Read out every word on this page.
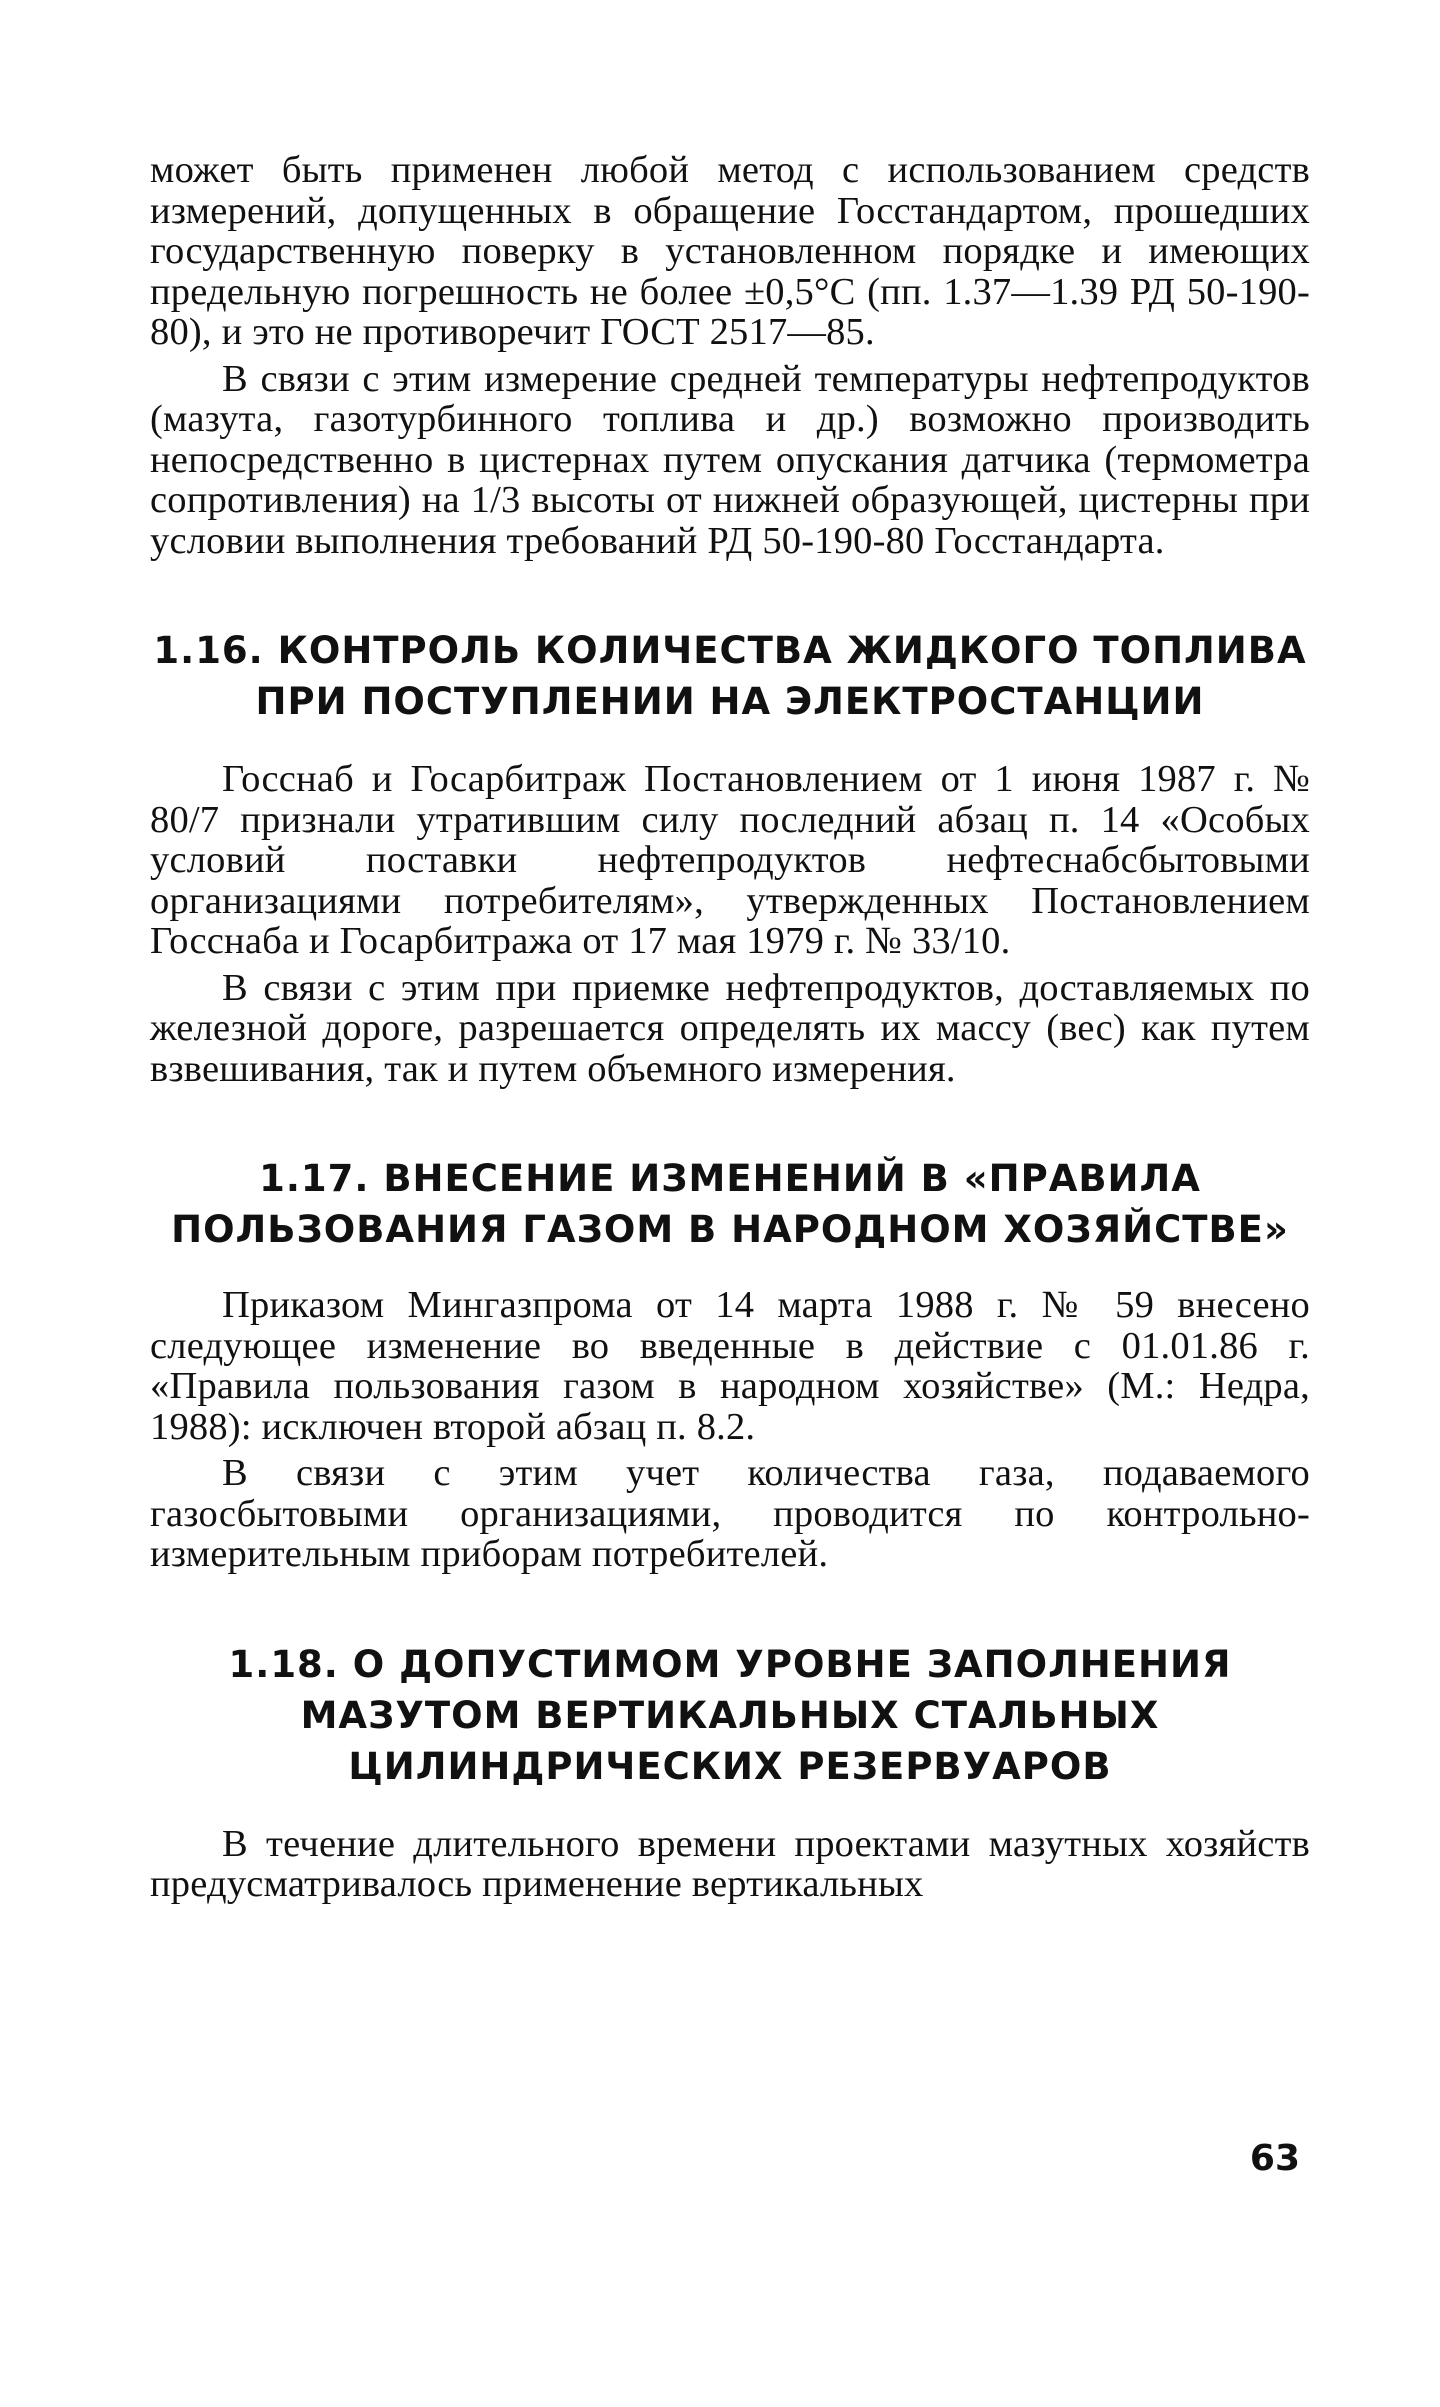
может быть применен любой метод с использованием средств измерений, допущенных в обращение Госстандартом, прошедших государственную поверку в установленном порядке и имеющих предельную погрешность не более ±0,5°С (пп. 1.37—1.39 РД 50-190-80), и это не противоречит ГОСТ 2517—85.

В связи с этим измерение средней температуры нефтепродуктов (мазута, газотурбинного топлива и др.) возможно производить непосредственно в цистернах путем опускания датчика (термометра сопротивления) на 1/3 высоты от нижней образующей, цистерны при условии выполнения требований РД 50-190-80 Госстандарта.

1.16. КОНТРОЛЬ КОЛИЧЕСТВА ЖИДКОГО ТОПЛИВА
ПРИ ПОСТУПЛЕНИИ НА ЭЛЕКТРОСТАНЦИИ

Госснаб и Госарбитраж Постановлением от 1 июня 1987 г. № 80/7 признали утратившим силу последний абзац п. 14 «Особых условий поставки нефтепродуктов нефтеснабсбытовыми организациями потребителям», утвержденных Постановлением Госснаба и Госарбитража от 17 мая 1979 г. № 33/10.

В связи с этим при приемке нефтепродуктов, доставляемых по железной дороге, разрешается определять их массу (вес) как путем взвешивания, так и путем объемного измерения.

1.17. ВНЕСЕНИЕ ИЗМЕНЕНИЙ В «ПРАВИЛА
ПОЛЬЗОВАНИЯ ГАЗОМ В НАРОДНОМ ХОЗЯЙСТВЕ»

Приказом Мингазпрома от 14 марта 1988 г. № 59 внесено следующее изменение во введенные в действие с 01.01.86 г. «Правила пользования газом в народном хозяйстве» (М.: Недра, 1988): исключен второй абзац п. 8.2.

В связи с этим учет количества газа, подаваемого газосбытовыми организациями, проводится по контрольно-измерительным приборам потребителей.

1.18. О ДОПУСТИМОМ УРОВНЕ ЗАПОЛНЕНИЯ
МАЗУТОМ ВЕРТИКАЛЬНЫХ СТАЛЬНЫХ
ЦИЛИНДРИЧЕСКИХ РЕЗЕРВУАРОВ

В течение длительного времени проектами мазутных хозяйств предусматривалось применение вертикальных

63
